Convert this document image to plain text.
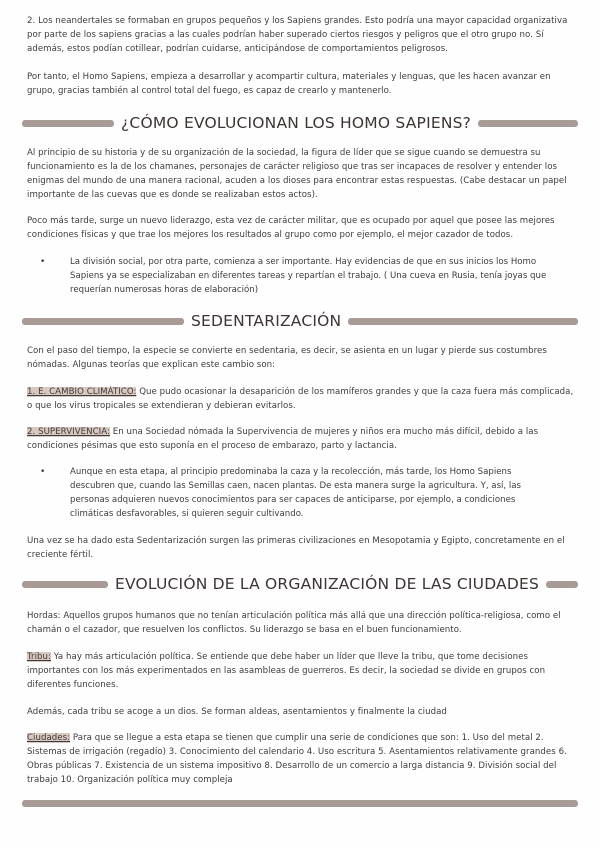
2. Los neandertales se formaban en grupos pequeños y los Sapiens grandes. Esto podría una mayor capacidad organizativa por parte de los sapiens gracias a las cuales podrían haber superado ciertos riesgos y peligros que el otro grupo no. Sí además, estos podían cotillear, podrían cuidarse, anticipándose de comportamientos peligrosos.

Por tanto, el Homo Sapiens, empieza a desarrollar y acompartir cultura, materiales y lenguas, que les hacen avanzar en grupo, gracias también al control total del fuego, es capaz de crearlo y mantenerlo.

¿CÓMO EVOLUCIONAN LOS HOMO SAPIENS?

Al principio de su historia y de su organización de la sociedad, la figura de líder que se sigue cuando se demuestra su funcionamiento es la de los chamanes, personajes de carácter religioso que tras ser incapaces de resolver y entender los enigmas del mundo de una manera racional, acuden a los dioses para encontrar estas respuestas. (Cabe destacar un papel importante de las cuevas que es donde se realizaban estos actos).

Poco más tarde, surge un nuevo liderazgo, esta vez de carácter militar, que es ocupado por aquel que posee las mejores condiciones físicas y que trae los mejores los resultados al grupo como por ejemplo, el mejor cazador de todos.

•	La división social, por otra parte, comienza a ser importante. Hay evidencias de que en sus inicios los Homo Sapiens ya se especializaban en diferentes tareas y repartían el trabajo. ( Una cueva en Rusia, tenía joyas que requerían numerosas horas de elaboración)
SEDENTARIZACIÓN

Con el paso del tiempo, la especie se convierte en sedentaria, es decir, se asienta en un lugar y pierde sus costumbres nómadas. Algunas teorías que explican este cambio son:

1. E. CAMBIO CLIMÁTICO: Que pudo ocasionar la desaparición de los mamíferos grandes y que la caza fuera más complicada, o que los virus tropicales se extendieran y debieran evitarlos.

2. SUPERVIVENCIA: En una Sociedad nómada la Supervivencia de mujeres y niños era mucho más difícil, debido a las condiciones pésimas que esto suponía en el proceso de embarazo, parto y lactancia.

•	Aunque en esta etapa, al principio predominaba la caza y la recolección, más tarde, los Homo Sapiens descubren que, cuando las Semillas caen, nacen plantas. De esta manera surge la agricultura. Y, así, las personas adquieren nuevos conocimientos para ser capaces de anticiparse, por ejemplo, a condiciones climáticas desfavorables, si quieren seguir cultivando.

Una vez se ha dado esta Sedentarización surgen las primeras civilizaciones en Mesopotamia y Egipto, concretamente en el creciente fértil.

EVOLUCIÓN DE LA ORGANIZACIÓN DE LAS CIUDADES

Hordas: Aquellos grupos humanos que no tenían articulación política más allá que una dirección política-religiosa, como el chamán o el cazador, que resuelven los conflictos. Su liderazgo se basa en el buen funcionamiento.

Tribu: Ya hay más articulación política. Se entiende que debe haber un líder que lleve la tribu, que tome decisiones importantes con los más experimentados en las asambleas de guerreros. Es decir, la sociedad se divide en grupos con diferentes funciones.

Además, cada tribu se acoge a un dios. Se forman aldeas, asentamientos y finalmente la ciudad

Ciudades: Para que se llegue a esta etapa se tienen que cumplir una serie de condiciones que son: 1. Uso del metal 2. Sistemas de irrigación (regadío) 3. Conocimiento del calendario 4. Uso escritura 5. Asentamientos relativamente grandes 6. Obras públicas 7. Existencia de un sistema impositivo 8. Desarrollo de un comercio a larga distancia 9. División social del trabajo 10. Organización política muy compleja
